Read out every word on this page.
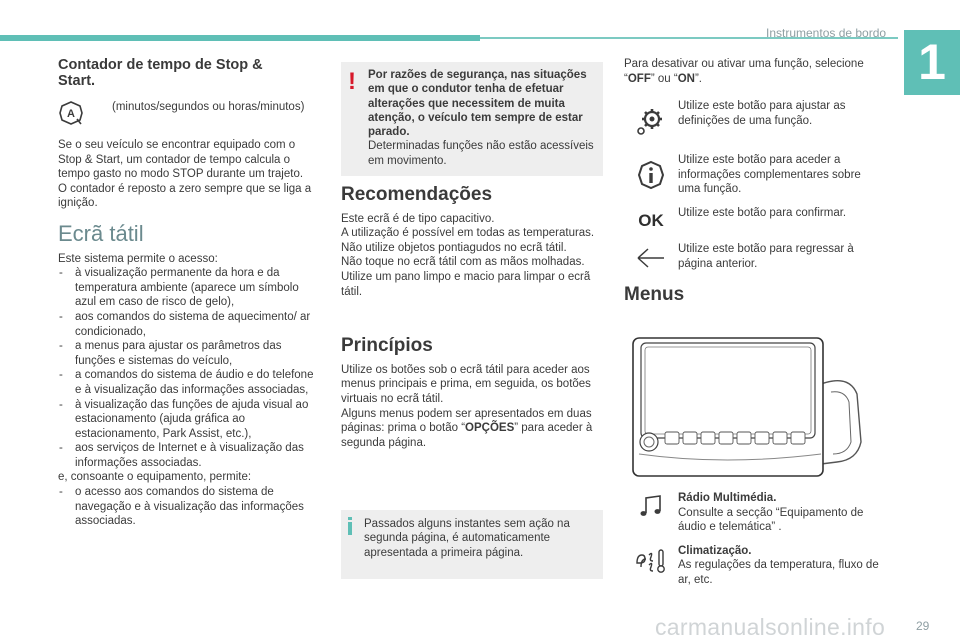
Instrumentos de bordo
1
Contador de tempo de Stop & Start.
A
(minutos/segundos ou horas/minutos)
Se o seu veículo se encontrar equipado com o Stop & Start, um contador de tempo calcula o tempo gasto no modo STOP durante um trajeto.
O contador é reposto a zero sempre que se liga a ignição.
Ecrã tátil
Este sistema permite o acesso:
- à visualização permanente da hora e da temperatura ambiente (aparece um símbolo azul em caso de risco de gelo),
- aos comandos do sistema de aquecimento/ ar condicionado,
- a menus para ajustar os parâmetros das funções e sistemas do veículo,
- a comandos do sistema de áudio e do telefone e à visualização das informações associadas,
- à visualização das funções de ajuda visual ao estacionamento (ajuda gráfica ao estacionamento, Park Assist, etc.),
- aos serviços de Internet e à visualização das informações associadas.
e, consoante o equipamento, permite:
- o acesso aos comandos do sistema de navegação e à visualização das informações associadas.
! Por razões de segurança, nas situações em que o condutor tenha de efetuar alterações que necessitem de muita atenção, o veículo tem sempre de estar parado.
Determinadas funções não estão acessíveis em movimento.
Recomendações
Este ecrã é de tipo capacitivo.
A utilização é possível em todas as temperaturas.
Não utilize objetos pontiagudos no ecrã tátil.
Não toque no ecrã tátil com as mãos molhadas.
Utilize um pano limpo e macio para limpar o ecrã tátil.
Princípios
Utilize os botões sob o ecrã tátil para aceder aos menus principais e prima, em seguida, os botões virtuais no ecrã tátil.
Alguns menus podem ser apresentados em duas páginas: prima o botão “OPÇÕES” para aceder à segunda página.
Passados alguns instantes sem ação na segunda página, é automaticamente apresentada a primeira página.
Para desativar ou ativar uma função, selecione “OFF” ou “ON”.
Utilize este botão para ajustar as definições de uma função.
Utilize este botão para aceder a informações complementares sobre uma função.
OK	Utilize este botão para confirmar.
Utilize este botão para regressar à página anterior.
Menus
Rádio Multimédia.
Consulte a secção “Equipamento de áudio e telemática” .
Climatização.
As regulações da temperatura, fluxo de ar, etc.
29
carmanualsonline.info
